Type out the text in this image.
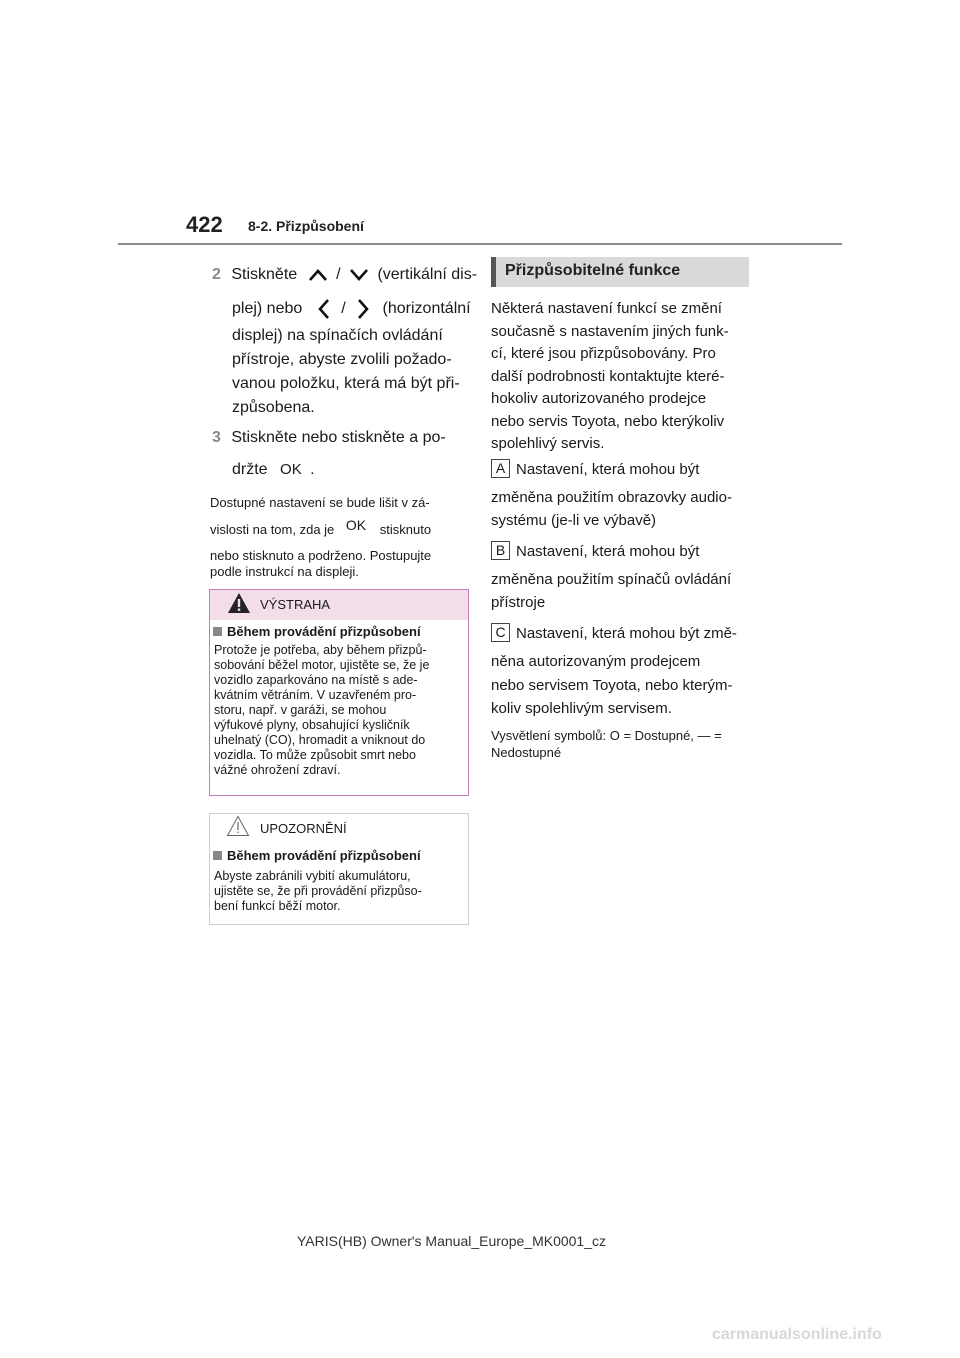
422 8-2. Přizpůsobení
2 Stiskněte / (vertikální dis-
plej) nebo / (horizontální
displej) na spínačích ovládání
přístroje, abyste zvolili požado-
vanou položku, která má být při-
způsobena.
3 Stiskněte nebo stiskněte a po-
držte OK .
Dostupné nastavení se bude lišit v zá-
vislosti na tom, zda je OK stisknuto
nebo stisknuto a podrženo. Postupujte
podle instrukcí na displeji.
VÝSTRAHA
Během provádění přizpůsobení
Protože je potřeba, aby během přizpů-
sobování běžel motor, ujistěte se, že je
vozidlo zaparkováno na místě s ade-
kvátním větráním. V uzavřeném pro-
storu, např. v garáži, se mohou
výfukové plyny, obsahující kysličník
uhelnatý (CO), hromadit a vniknout do
vozidla. To může způsobit smrt nebo
vážné ohrožení zdraví.
UPOZORNĚNÍ
Během provádění přizpůsobení
Abyste zabránili vybití akumulátoru,
ujistěte se, že při provádění přizpůso-
bení funkcí běží motor.
Přizpůsobitelné funkce
Některá nastavení funkcí se změní
současně s nastavením jiných funk-
cí, které jsou přizpůsobovány. Pro
další podrobnosti kontaktujte které-
hokoliv autorizovaného prodejce
nebo servis Toyota, nebo kterýkoliv
spolehlivý servis.
A Nastavení, která mohou být
změněna použitím obrazovky audio-
systému (je-li ve výbavě)
B Nastavení, která mohou být
změněna použitím spínačů ovládání
přístroje
C Nastavení, která mohou být změ-
něna autorizovaným prodejcem
nebo servisem Toyota, nebo kterým-
koliv spolehlivým servisem.
Vysvětlení symbolů: O = Dostupné, — =
Nedostupné
YARIS(HB) Owner's Manual_Europe_MK0001_cz
carmanualsonline.info
